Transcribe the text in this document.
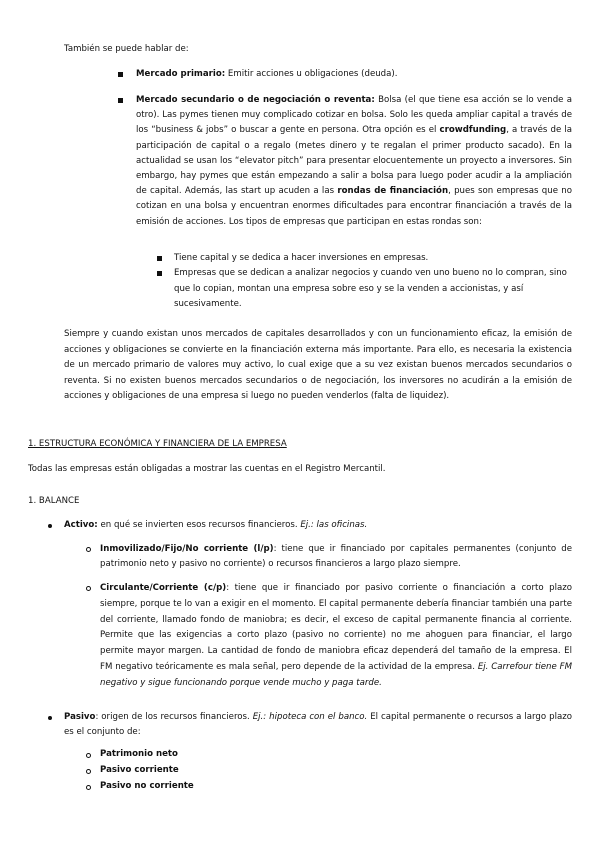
También se puede hablar de:

Mercado primario: Emitir acciones u obligaciones (deuda).

Mercado secundario o de negociación o reventa: Bolsa (el que tiene esa acción se lo vende a otro). Las pymes tienen muy complicado cotizar en bolsa. Solo les queda ampliar capital a través de los “business & jobs” o buscar a gente en persona. Otra opción es el crowdfunding, a través de la participación de capital o a regalo (metes dinero y te regalan el primer producto sacado). En la actualidad se usan los “elevator pitch” para presentar elocuentemente un proyecto a inversores. Sin embargo, hay pymes que están empezando a salir a bolsa para luego poder acudir a la ampliación de capital. Además, las start up acuden a las rondas de financiación, pues son empresas que no cotizan en una bolsa y encuentran enormes dificultades para encontrar financiación a través de la emisión de acciones. Los tipos de empresas que participan en estas rondas son:

Tiene capital y se dedica a hacer inversiones en empresas.

Empresas que se dedican a analizar negocios y cuando ven uno bueno no lo compran, sino que lo copian, montan una empresa sobre eso y se la venden a accionistas, y así sucesivamente.

Siempre y cuando existan unos mercados de capitales desarrollados y con un funcionamiento eficaz, la emisión de acciones y obligaciones se convierte en la financiación externa más importante. Para ello, es necesaria la existencia de un mercado primario de valores muy activo, lo cual exige que a su vez existan buenos mercados secundarios o reventa. Si no existen buenos mercados secundarios o de negociación, los inversores no acudirán a la emisión de acciones y obligaciones de una empresa si luego no pueden venderlos (falta de liquidez).

1. ESTRUCTURA ECONÓMICA Y FINANCIERA DE LA EMPRESA

Todas las empresas están obligadas a mostrar las cuentas en el Registro Mercantil.

1. BALANCE

Activo: en qué se invierten esos recursos financieros. Ej.: las oficinas.

Inmovilizado/Fijo/No corriente (l/p): tiene que ir financiado por capitales permanentes (conjunto de patrimonio neto y pasivo no corriente) o recursos financieros a largo plazo siempre.

Circulante/Corriente (c/p): tiene que ir financiado por pasivo corriente o financiación a corto plazo siempre, porque te lo van a exigir en el momento. El capital permanente debería financiar también una parte del corriente, llamado fondo de maniobra; es decir, el exceso de capital permanente financia al corriente. Permite que las exigencias a corto plazo (pasivo no corriente) no me ahoguen para financiar, el largo permite mayor margen. La cantidad de fondo de maniobra eficaz dependerá del tamaño de la empresa. El FM negativo teóricamente es mala señal, pero depende de la actividad de la empresa. Ej. Carrefour tiene FM negativo y sigue funcionando porque vende mucho y paga tarde.

Pasivo: origen de los recursos financieros. Ej.: hipoteca con el banco. El capital permanente o recursos a largo plazo es el conjunto de:

Patrimonio neto

Pasivo corriente

Pasivo no corriente
